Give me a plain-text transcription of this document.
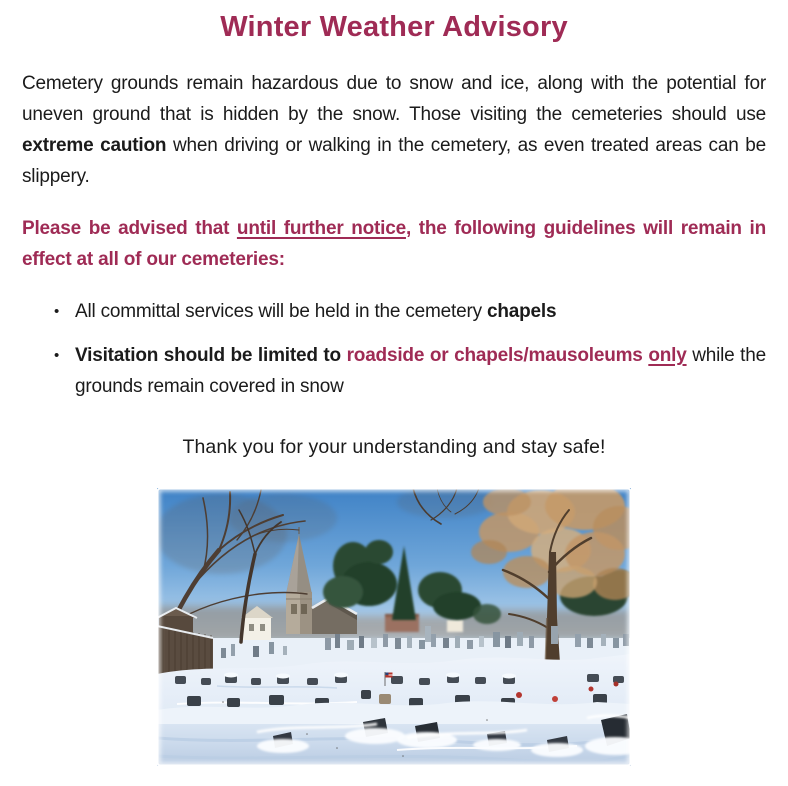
Winter Weather Advisory

Cemetery grounds remain hazardous due to snow and ice, along with the potential for uneven ground that is hidden by the snow. Those visiting the cemeteries should use extreme caution when driving or walking in the cemetery, as even treated areas can be slippery.

Please be advised that until further notice, the following guidelines will remain in effect at all of our cemeteries:

• All committal services will be held in the cemetery chapels
• Visitation should be limited to roadside or chapels/mausoleums only while the grounds remain covered in snow

Thank you for your understanding and stay safe!
